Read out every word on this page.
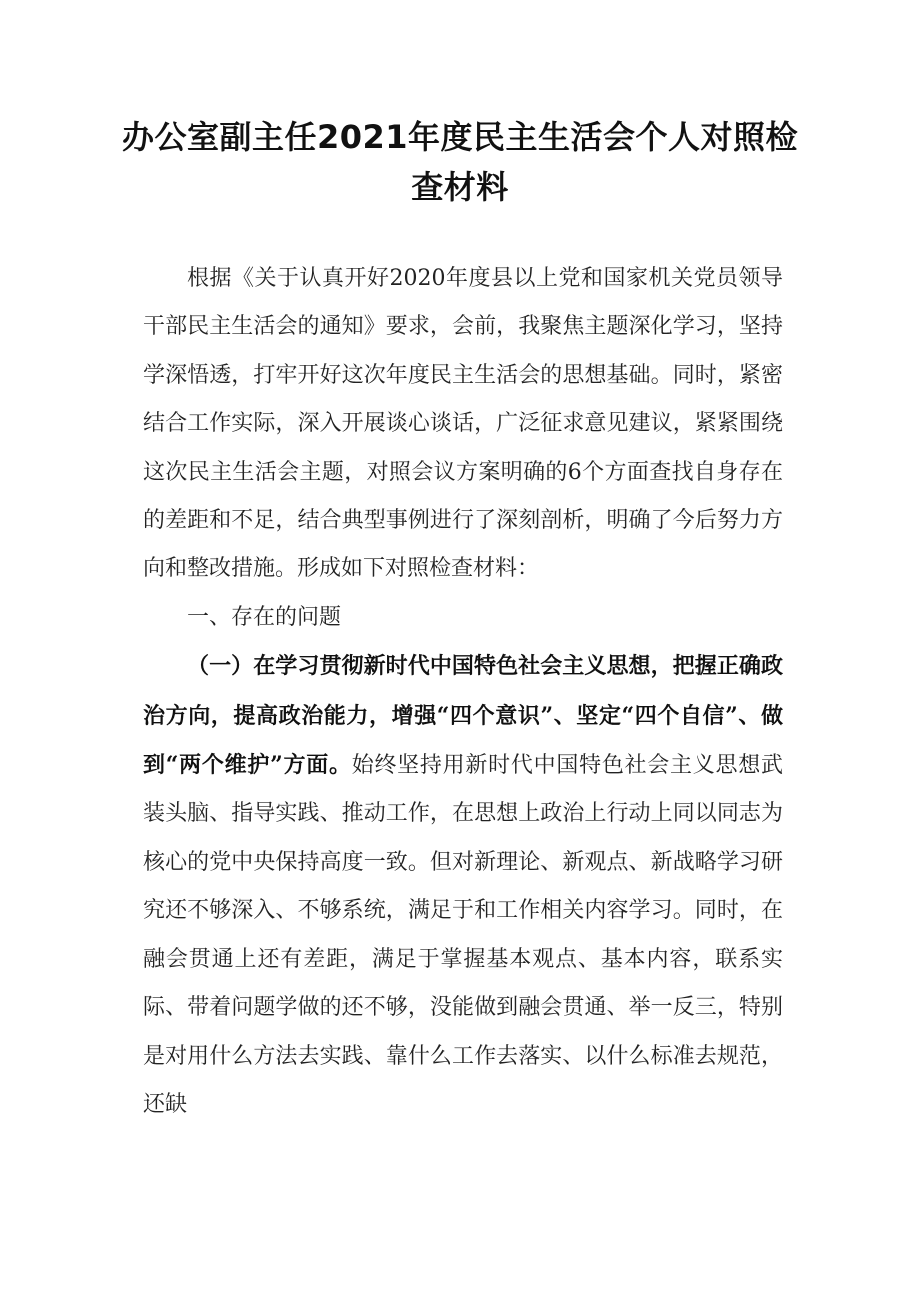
办公室副主任2021年度民主生活会个人对照检查材料

根据《关于认真开好2020年度县以上党和国家机关党员领导干部民主生活会的通知》要求，会前，我聚焦主题深化学习，坚持学深悟透，打牢开好这次年度民主生活会的思想基础。同时，紧密结合工作实际，深入开展谈心谈话，广泛征求意见建议，紧紧围绕这次民主生活会主题，对照会议方案明确的6个方面查找自身存在的差距和不足，结合典型事例进行了深刻剖析，明确了今后努力方向和整改措施。形成如下对照检查材料：

一、存在的问题

（一）在学习贯彻新时代中国特色社会主义思想，把握正确政治方向，提高政治能力，增强“四个意识”、坚定“四个自信”、做到“两个维护”方面。始终坚持用新时代中国特色社会主义思想武装头脑、指导实践、推动工作，在思想上政治上行动上同以同志为核心的党中央保持高度一致。但对新理论、新观点、新战略学习研究还不够深入、不够系统，满足于和工作相关内容学习。同时，在融会贯通上还有差距，满足于掌握基本观点、基本内容，联系实际、带着问题学做的还不够，没能做到融会贯通、举一反三，特别是对用什么方法去实践、靠什么工作去落实、以什么标准去规范，还缺
